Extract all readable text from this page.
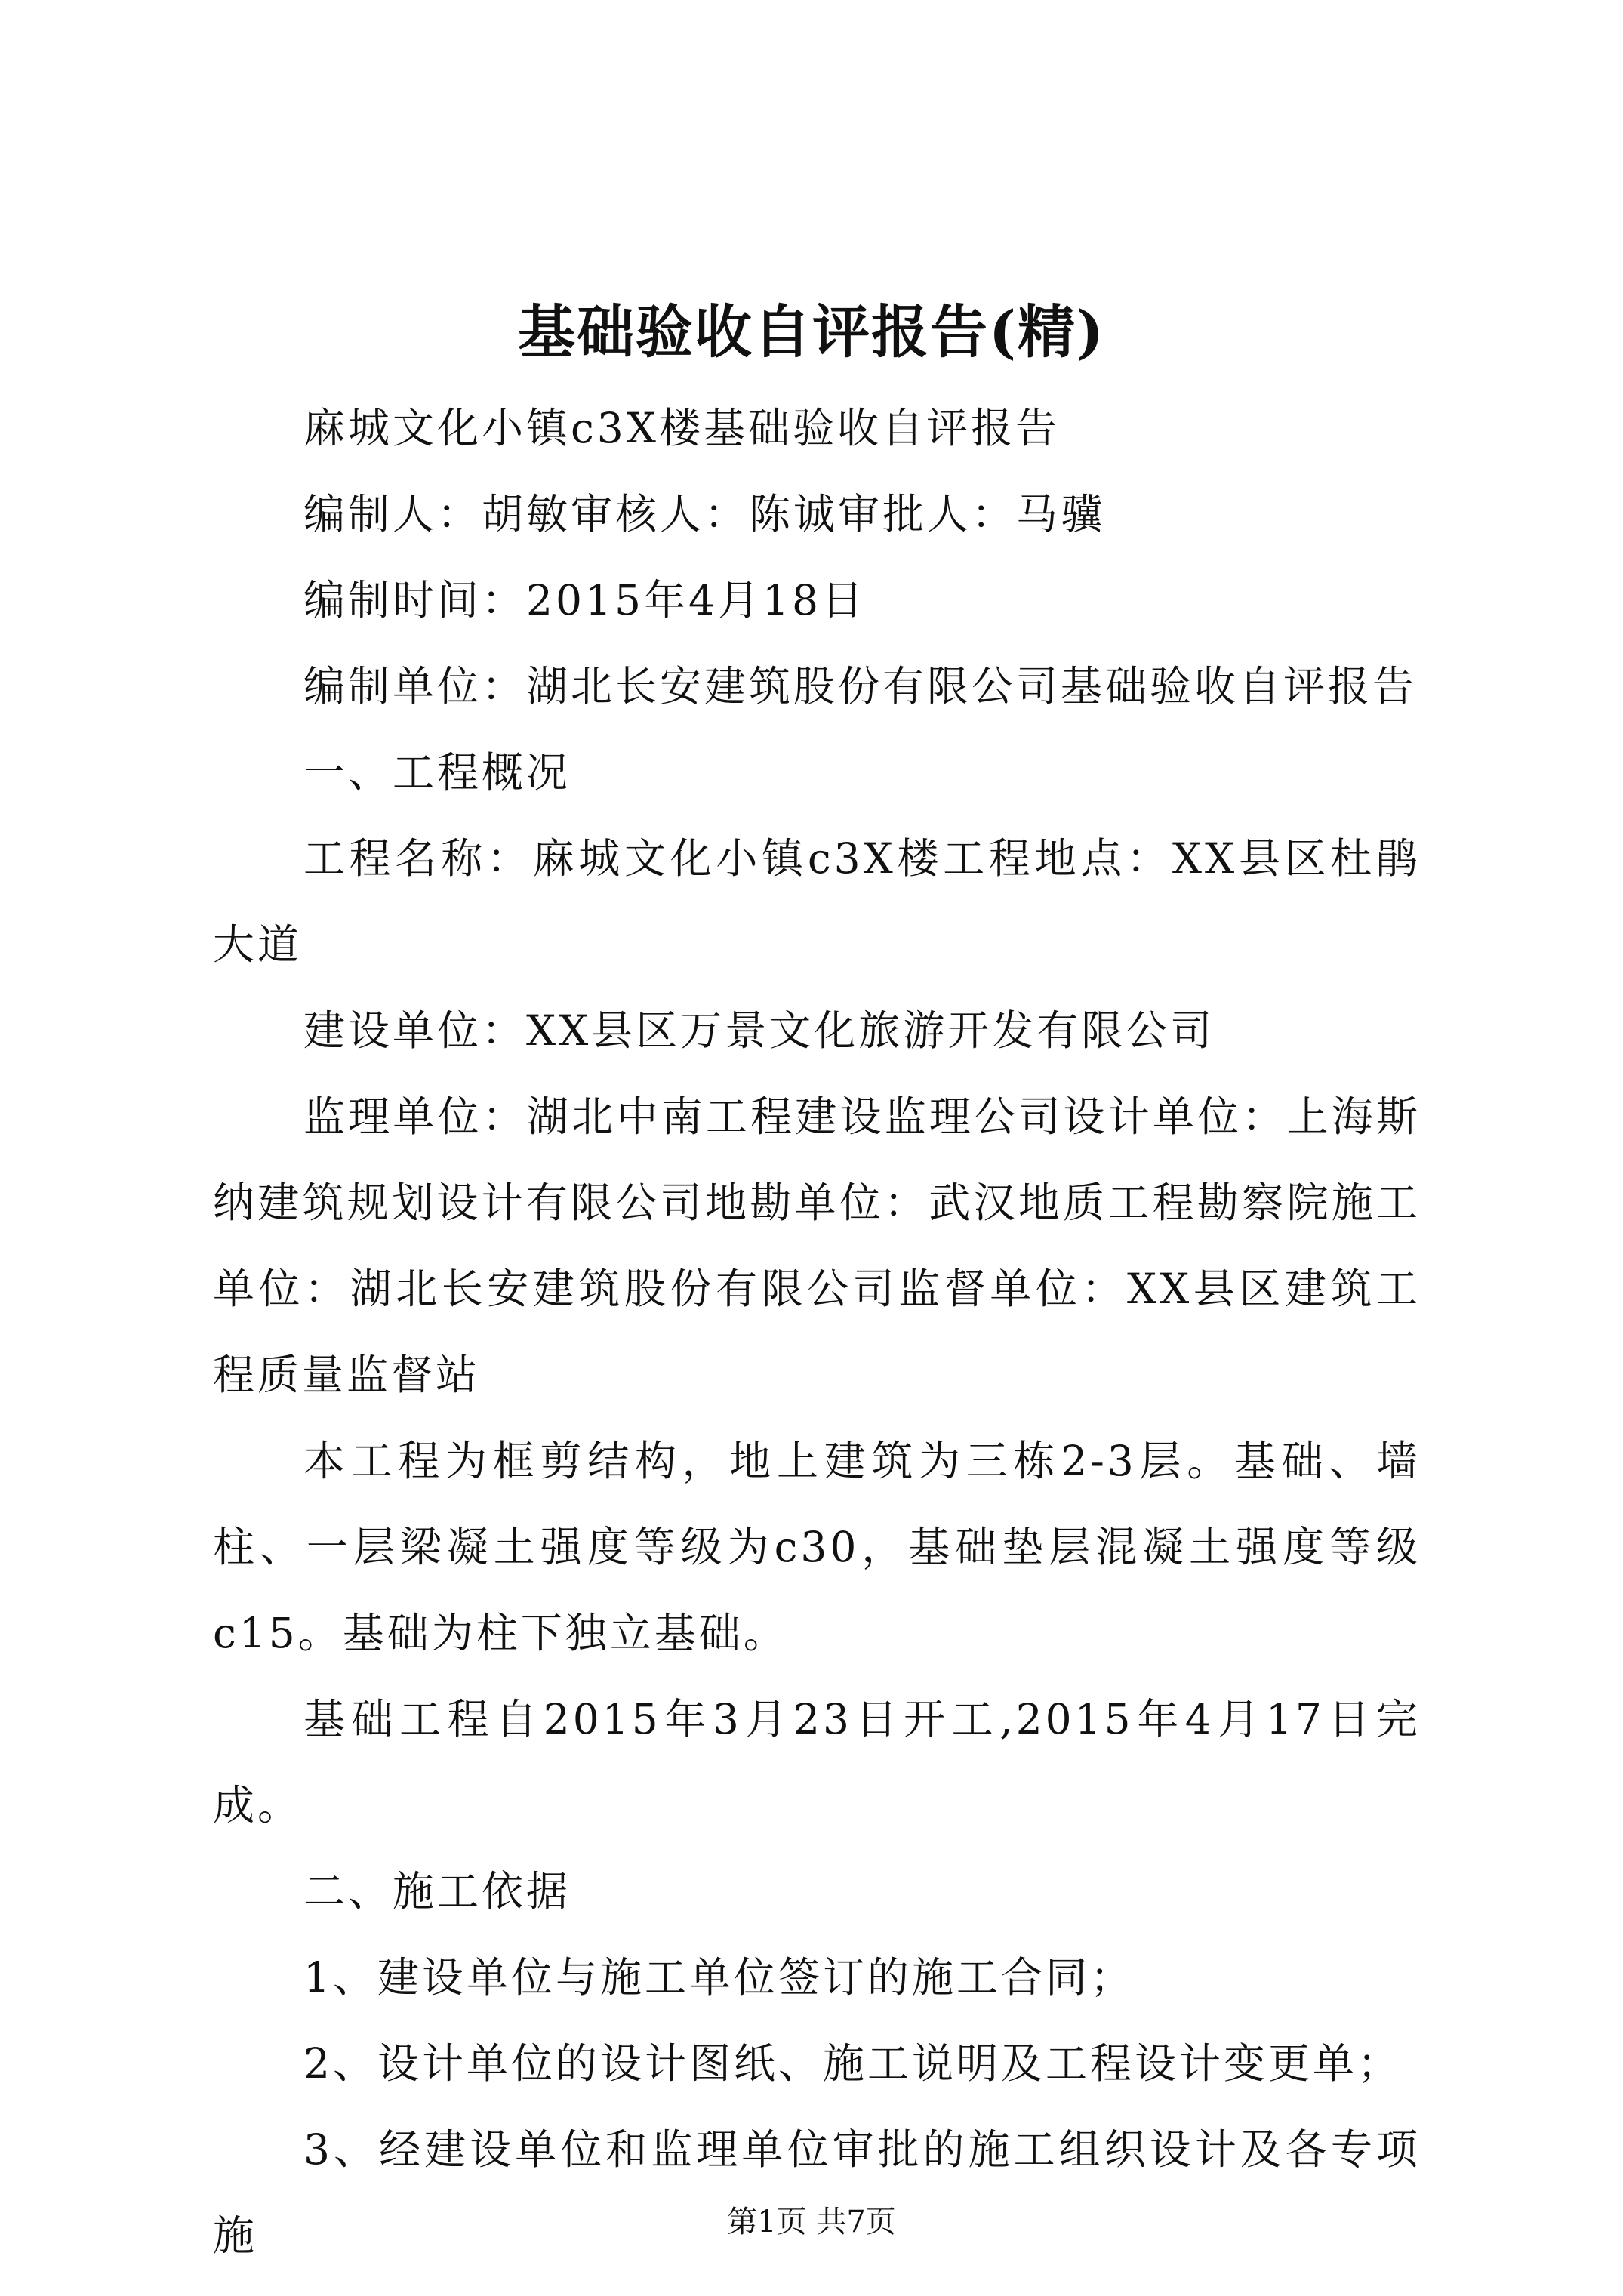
基础验收自评报告(精)

麻城文化小镇c3X楼基础验收自评报告

编制人：胡敏审核人：陈诚审批人：马骥

编制时间：2015年4月18日

编制单位：湖北长安建筑股份有限公司基础验收自评报告

一、工程概况

工程名称：麻城文化小镇c3X楼工程地点：XX县区杜鹃大道

建设单位：XX县区万景文化旅游开发有限公司

监理单位：湖北中南工程建设监理公司设计单位：上海斯纳建筑规划设计有限公司地勘单位：武汉地质工程勘察院施工单位：湖北长安建筑股份有限公司监督单位：XX县区建筑工程质量监督站

本工程为框剪结构，地上建筑为三栋2-3层。基础、墙柱、一层梁凝土强度等级为c30，基础垫层混凝土强度等级c15。基础为柱下独立基础。

基础工程自2015年3月23日开工,2015年4月17日完成。

二、施工依据

1、建设单位与施工单位签订的施工合同；

2、设计单位的设计图纸、施工说明及工程设计变更单；

3、经建设单位和监理单位审批的施工组织设计及各专项施	第1页 共7页
